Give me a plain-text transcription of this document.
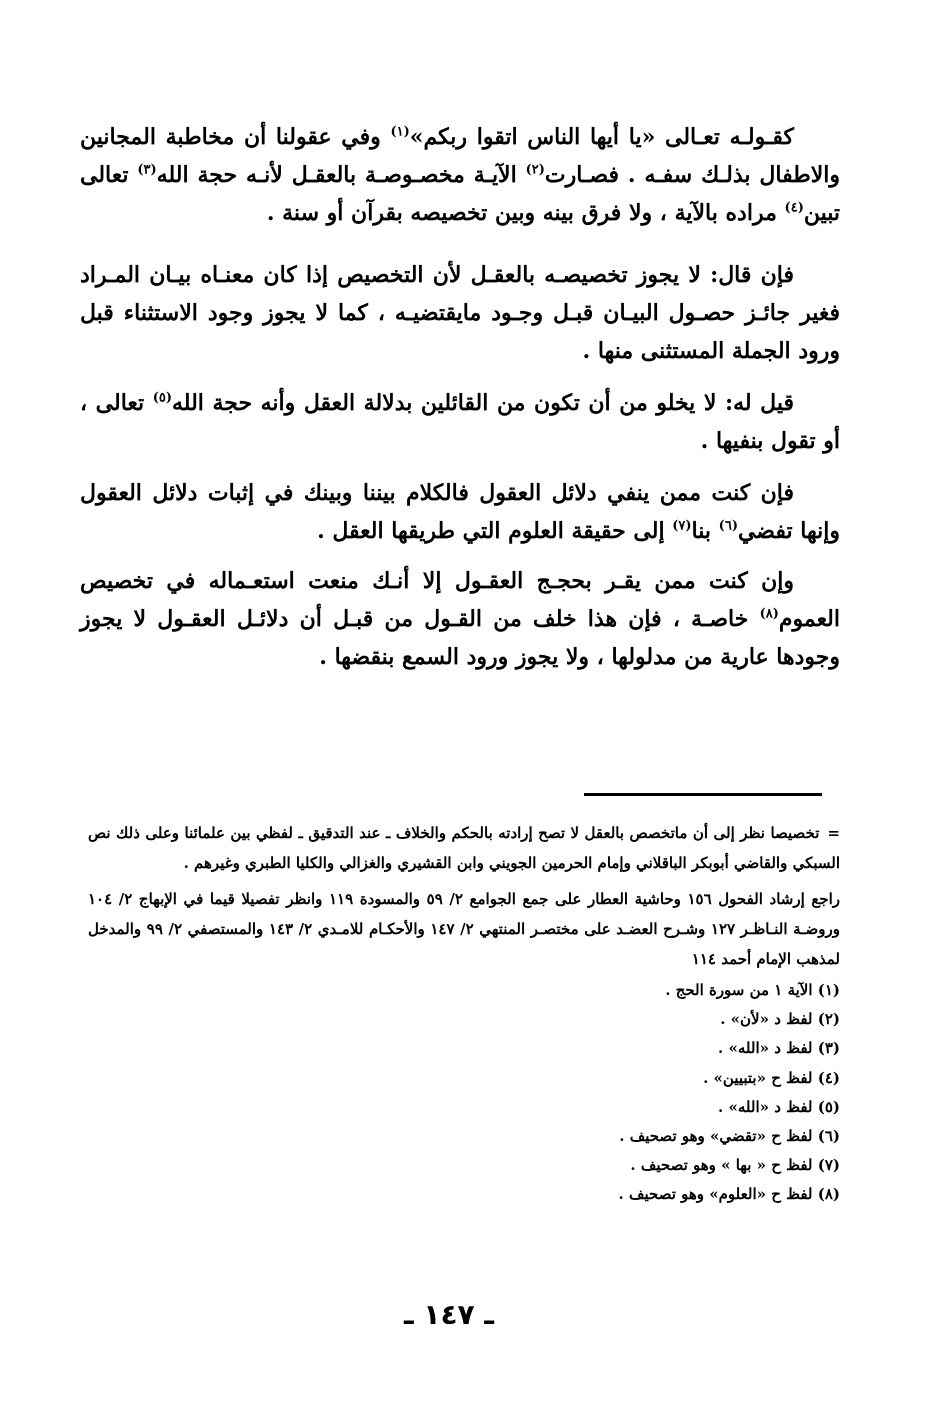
كقـولـه تعـالى «يا أيها الناس اتقوا ربكم»$^{(١)}$ وفي عقولنا أن مخاطبة المجانين والاطفال بذلـك سفـه . فصـارت$^{(٢)}$ الآيـة مخصـوصـة بالعقـل لأنـه حجة الله$^{(٣)}$ تعالى تبين$^{(٤)}$ مراده بالآية ، ولا فرق بينه وبين تخصيصه بقرآن أو سنة .

فإن قال: لا يجوز تخصيصـه بالعقـل لأن التخصيص إذا كان معنـاه بيـان المـراد فغير جائـز حصـول البيـان قبـل وجـود مايقتضيـه ، كما لا يجوز وجود الاستثناء قبل ورود الجملة المستثنى منها .

قيل له: لا يخلو من أن تكون من القائلين بدلالة العقل وأنه حجة الله$^{(٥)}$ تعالى ، أو تقول بنفيها .

فإن كنت ممن ينفي دلائل العقول فالكلام بيننا وبينك في إثبات دلائل العقول وإنها تفضي$^{(٦)}$ بنا$^{(٧)}$ إلى حقيقة العلوم التي طريقها العقل .

وإن كنت ممن يقـر بحجـج العقـول إلا أنـك منعت استعـماله في تخصيص العموم$^{(٨)}$ خاصـة ، فإن هذا خلف من القـول من قبـل أن دلائـل العقـول لا يجوز وجودها عارية من مدلولها ، ولا يجوز ورود السمع بنقضها .

=تخصيصا نظر إلى أن ماتخصص بالعقل لا تصح إرادته بالحكم والخلاف ـ عند التدقيق ـ لفظي بين علمائنا وعلى ذلك نص السبكي والقاضي أبوبكر الباقلاني وإمام الحرمين الجويني وابن القشيري والغزالي والكليا الطبري وغيرهم .

راجع إرشاد الفحول ١٥٦ وحاشية العطار على جمع الجوامع ٢/ ٥٩ والمسودة ١١٩ وانظر تفصيلا قيما في الإبهاج ٢/ ١٠٤ وروضـة النـاظـر ١٢٧ وشـرح العضـد على مختصـر المنتهي ٢/ ١٤٧ والأحكـام للامـدي ٢/ ١٤٣ والمستصفي ٢/ ٩٩ والمدخل لمذهب الإمام أحمد ١١٤

(١) الآية ١ من سورة الحج .
(٢) لفظ د «لأن» .
(٣) لفظ د «الله» .
(٤) لفظ ح «بتبيين» .
(٥) لفظ د «الله» .
(٦) لفظ ح «تقضي» وهو تصحيف .
(٧) لفظ ح « بها » وهو تصحيف .
(٨) لفظ ح «العلوم» وهو تصحيف .
ـ ١٤٧ ـ
